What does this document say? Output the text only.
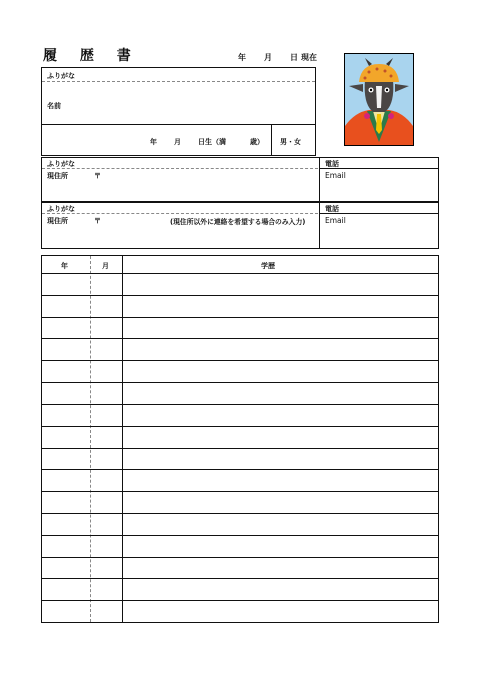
履 歴 書	年	月	日 現在
ふりがな
名前
年 月 日生（満	歳） 男・女
ふりがな
現住所	〒
電話
Email
ふりがな
現住所	〒	(現住所以外に連絡を希望する場合のみ入力)
電話
Email
年	月	学歴
